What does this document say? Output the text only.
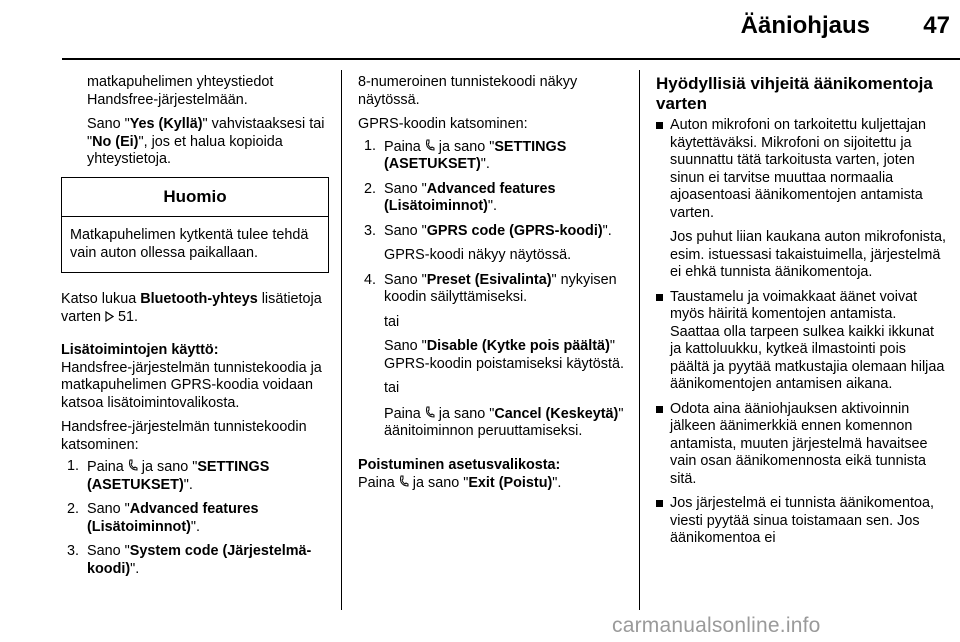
Ääniohjaus	47

matkapuhelimen yhteystiedot Handsfree-järjestelmään.

Sano "Yes (Kyllä)" vahvistaaksesi tai "No (Ei)", jos et halua kopioida yhteystietoja.

Huomio
Matkapuhelimen kytkentä tulee tehdä vain auton ollessa paikallaan.

Katso lukua Bluetooth-yhteys lisätietoja varten  51.

Lisätoimintojen käyttö:

Handsfree-järjestelmän tunnistekoodia ja matkapuhelimen GPRS-koodia voidaan katsoa lisätoimintovalikosta.

Handsfree-järjestelmän tunnistekoodin katsominen:

1. Paina  ja sano "SETTINGS (ASETUKSET)".
2. Sano "Advanced features (Lisätoiminnot)".
3. Sano "System code (Järjestelmäkoodi)".

8-numeroinen tunnistekoodi näkyy näytössä.

GPRS-koodin katsominen:

1. Paina  ja sano "SETTINGS (ASETUKSET)".
2. Sano "Advanced features (Lisätoiminnot)".
3. Sano "GPRS code (GPRS-koodi)".
GPRS-koodi näkyy näytössä.
4. Sano "Preset (Esivalinta)" nykyisen koodin säilyttämiseksi.
tai
Sano "Disable (Kytke pois päältä)" GPRS-koodin poistamiseksi käytöstä.
tai
Paina  ja sano "Cancel (Keskeytä)" äänitoiminnon peruuttamiseksi.

Poistuminen asetusvalikosta:

Paina  ja sano "Exit (Poistu)".

Hyödyllisiä vihjeitä äänikomentoja varten
Auton mikrofoni on tarkoitettu kuljettajan käytettäväksi. Mikrofoni on sijoitettu ja suunnattu tätä tarkoitusta varten, joten sinun ei tarvitse muuttaa normaalia ajoasentoasi äänikomentojen antamista varten.
Jos puhut liian kaukana auton mikrofonista, esim. istuessasi takaistuimella, järjestelmä ei ehkä tunnista äänikomentoja.
Taustamelu ja voimakkaat äänet voivat myös häiritä komentojen antamista. Saattaa olla tarpeen sulkea kaikki ikkunat ja kattoluukku, kytkeä ilmastointi pois päältä ja pyytää matkustajia olemaan hiljaa äänikomentojen antamisen aikana.
Odota aina ääniohjauksen aktivoinnin jälkeen äänimerkkiä ennen komennon antamista, muuten järjestelmä havaitsee vain osan äänikomennosta eikä tunnista sitä.
Jos järjestelmä ei tunnista äänikomentoa, viesti pyytää sinua toistamaan sen. Jos äänikomentoa ei
carmanualsonline.info
